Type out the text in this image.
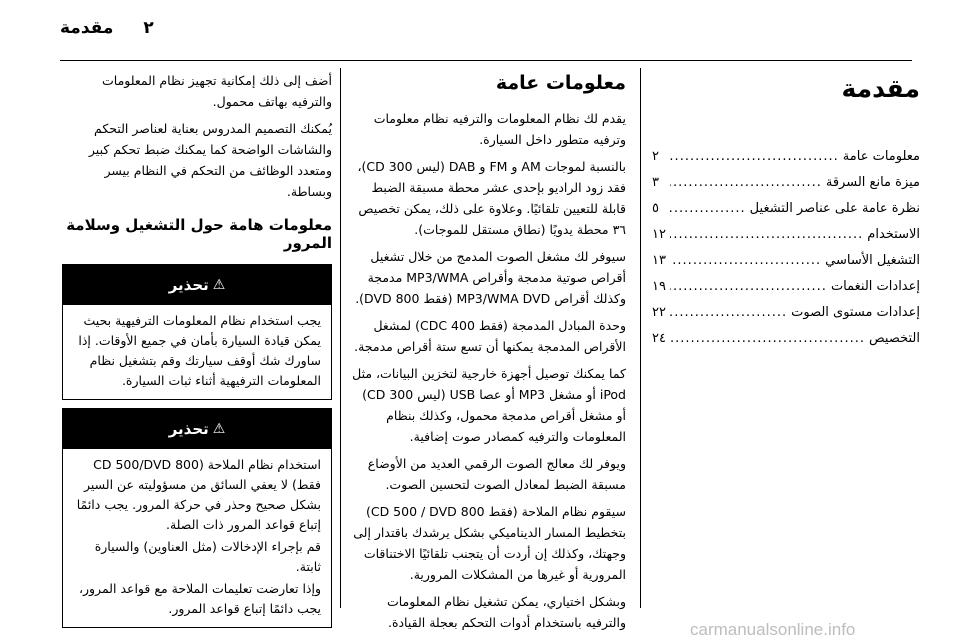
٢
مقدمة
مقدمة
معلومات عامة
.....
٢
ميزة مانع السرقة
.....
٣
نظرة عامة على عناصر التشغيل
.....
٥
الاستخدام
.....
١٢
التشغيل الأساسي
.....
١٣
إعدادات النغمات
.....
١٩
إعدادات مستوى الصوت
.....
٢٢
التخصيص
.....
٢٤
معلومات عامة

يقدم لك نظام المعلومات والترفيه نظام معلومات وترفيه متطور داخل السيارة.

بالنسبة لموجات AM و FM و DAB (ليس CD 300)، فقد زود الراديو بإحدى عشر محطة مسبقة الضبط قابلة للتعيين تلقائيًا. وعلاوة على ذلك، يمكن تخصيص ٣٦ محطة يدويًا (نطاق مستقل للموجات).

سيوفر لك مشغل الصوت المدمج من خلال تشغيل أقراص صوتية مدمجة وأقراص MP3/WMA مدمجة وكذلك أقراص MP3/WMA DVD (فقط DVD 800).

وحدة المبادل المدمجة (فقط CDC 400) لمشغل الأقراص المدمجة يمكنها أن تسع ستة أقراص مدمجة.

كما يمكنك توصيل أجهزة خارجية لتخزين البيانات، مثل iPod أو مشغل MP3 أو عصا USB (ليس CD 300) أو مشغل أقراص مدمجة محمول، وكذلك بنظام المعلومات والترفيه كمصادر صوت إضافية.

ويوفر لك معالج الصوت الرقمي العديد من الأوضاع مسبقة الضبط لمعادل الصوت لتحسين الصوت.

سيقوم نظام الملاحة (فقط CD 500 / DVD 800) بتخطيط المسار الديناميكي بشكل يرشدك باقتدار إلى وجهتك، وكذلك إن أردت أن يتجنب تلقائيًا الاختناقات المرورية أو غيرها من المشكلات المرورية.

وبشكل اختياري، يمكن تشغيل نظام المعلومات والترفيه باستخدام أدوات التحكم بعجلة القيادة.

أضف إلى ذلك إمكانية تجهيز نظام المعلومات والترفيه بهاتف محمول.

يُمكنك التصميم المدروس بعناية لعناصر التحكم والشاشات الواضحة كما يمكنك ضبط تحكم كبير ومتعدد الوظائف من التحكم في النظام بيسر وبساطة.

معلومات هامة حول التشغيل وسلامة المرور
⚠
تحذير

يجب استخدام نظام المعلومات الترفيهية بحيث يمكن قيادة السيارة بأمان في جميع الأوقات. إذا ساورك شك أوقف سيارتك وقم بتشغيل نظام المعلومات الترفيهية أثناء ثبات السيارة.

⚠
تحذير

استخدام نظام الملاحة (CD 500/DVD 800 فقط) لا يعفي السائق من مسؤوليته عن السير بشكل صحيح وحذر في حركة المرور. يجب دائمًا إتباع قواعد المرور ذات الصلة.

قم بإجراء الإدخالات (مثل العناوين) والسيارة ثابتة.

وإذا تعارضت تعليمات الملاحة مع قواعد المرور، يجب دائمًا إتباع قواعد المرور.

carmanualsonline.info
